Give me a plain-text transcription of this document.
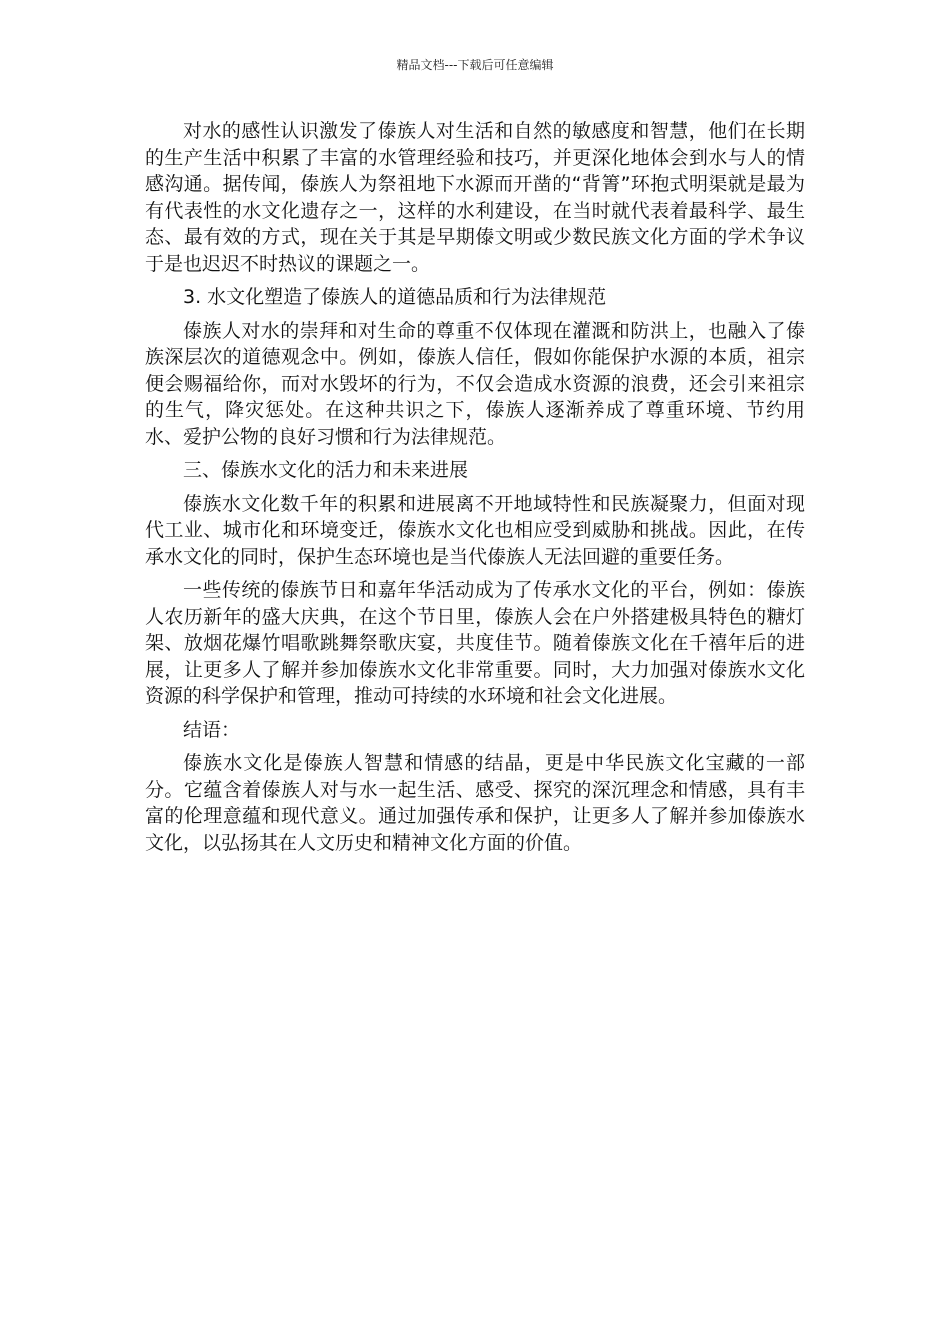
精品文档---下载后可任意编辑

对水的感性认识激发了傣族人对生活和自然的敏感度和智慧，他们在长期的生产生活中积累了丰富的水管理经验和技巧，并更深化地体会到水与人的情感沟通。据传闻，傣族人为祭祖地下水源而开凿的“背箐”环抱式明渠就是最为有代表性的水文化遗存之一，这样的水利建设，在当时就代表着最科学、最生态、最有效的方式，现在关于其是早期傣文明或少数民族文化方面的学术争议于是也迟迟不时热议的课题之一。

3. 水文化塑造了傣族人的道德品质和行为法律规范

傣族人对水的崇拜和对生命的尊重不仅体现在灌溉和防洪上，也融入了傣族深层次的道德观念中。例如，傣族人信任，假如你能保护水源的本质，祖宗便会赐福给你，而对水毁坏的行为，不仅会造成水资源的浪费，还会引来祖宗的生气，降灾惩处。在这种共识之下，傣族人逐渐养成了尊重环境、节约用水、爱护公物的良好习惯和行为法律规范。

三、傣族水文化的活力和未来进展

傣族水文化数千年的积累和进展离不开地域特性和民族凝聚力，但面对现代工业、城市化和环境变迁，傣族水文化也相应受到威胁和挑战。因此，在传承水文化的同时，保护生态环境也是当代傣族人无法回避的重要任务。

一些传统的傣族节日和嘉年华活动成为了传承水文化的平台，例如：傣族人农历新年的盛大庆典，在这个节日里，傣族人会在户外搭建极具特色的糖灯架、放烟花爆竹唱歌跳舞祭歌庆宴，共度佳节。随着傣族文化在千禧年后的进展，让更多人了解并参加傣族水文化非常重要。同时，大力加强对傣族水文化资源的科学保护和管理，推动可持续的水环境和社会文化进展。

结语：

傣族水文化是傣族人智慧和情感的结晶，更是中华民族文化宝藏的一部分。它蕴含着傣族人对与水一起生活、感受、探究的深沉理念和情感，具有丰富的伦理意蕴和现代意义。通过加强传承和保护，让更多人了解并参加傣族水文化，以弘扬其在人文历史和精神文化方面的价值。
